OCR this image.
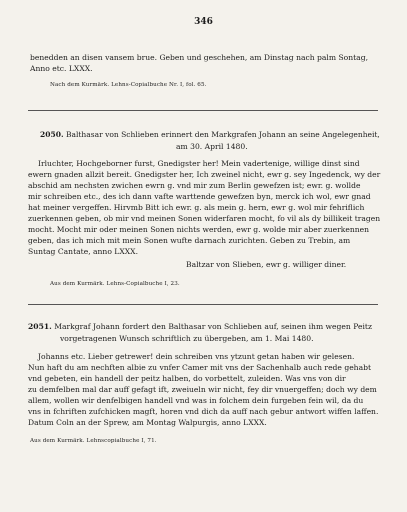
346
benedden an disen vansem brue. Geben und geschehen, am Dinstag nach palm Sontag,
Anno etc. LXXX.
Nach dem Kurmärk. Lehns-Copialbuche Nr. I, fol. 65.
2050. Balthasar von Schlieben erinnert den Markgrafen Johann an seine Angelegenheit,
am 30. April 1480.
Irluchter, Hochgeborner furst, Gnedigster her! Mein vadertenige, willige dinst sind
ewern gnaden allzit bereit. Gnedigster her, Ich zweinel nicht, ewr g. sey Ingedenck, wy der
abschid am nechsten zwichen ewrn g. vnd mir zum Berlin gewefzen ist; ewr. g. wollde
mir schreiben etc., des ich dann vafte warttende gewefzen byn, merck ich wol, ewr gnad
hat meiner vergeffen. Hirvmb Bitt ich ewr. g. als mein g. hern, ewr g. wol mir fehriflich
zuerkennen geben, ob mir vnd meinen Sonen widerfaren mocht, fo vil als dy billikeit tragen
mocht. Mocht mir oder meinen Sonen nichts werden, ewr g. wolde mir aber zuerkennen
geben, das ich mich mit mein Sonen wufte darnach zurichten. Geben zu Trebin, am
Suntag Cantate, anno LXXX.
Baltzar von Slieben, ewr g. williger diner.
Aus dem Kurmärk. Lehns-Copialbuche I, 23.
2051. Markgraf Johann fordert den Balthasar von Schlieben auf, seinen ihm wegen Peitz
vorgetragenen Wunsch schriftlich zu übergeben, am 1. Mai 1480.
Johanns etc. Lieber getrewer! dein schreiben vns ytzunt getan haben wir gelesen.
Nun haft du am nechften albie zu vnfer Camer mit vns der Sachenhalb auch rede gehabt
vnd gebeten, ein handell der peitz halben, do vorbettelt, zuleiden. Was vns von dir
zu demfelben mal dar auff gefagt ift, zweiueln wir nicht, fey dir vnuergeffen; doch wy dem
allem, wollen wir denfelbigen handell vnd was in folchem dein furgeben fein wil, da du
vns in fchriften zufchicken magft, horen vnd dich da auff nach gebur antwort wiffen laffen.
Datum Coln an der Sprew, am Montag Walpurgis, anno LXXX.
Aus dem Kurmärk. Lehnscopialbuche I, 71.
